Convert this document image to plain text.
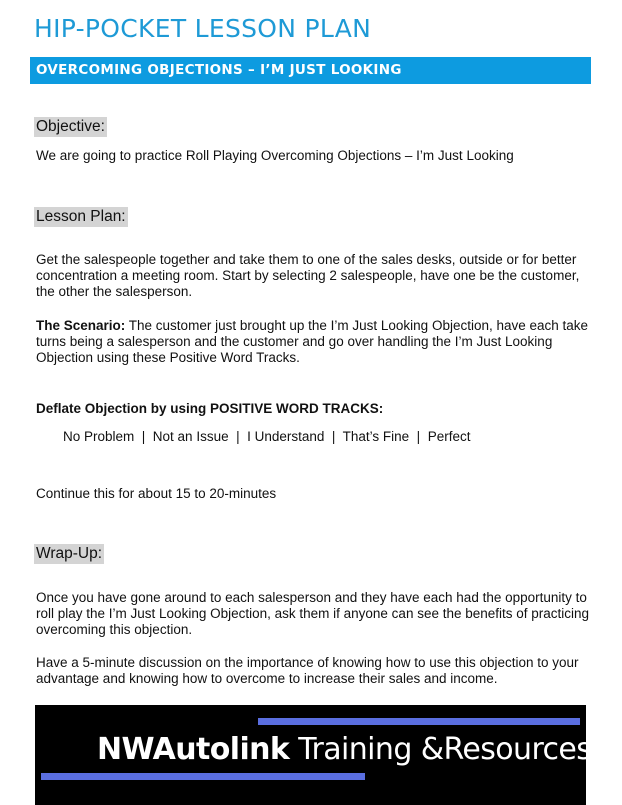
HIP-POCKET LESSON PLAN
OVERCOMING OBJECTIONS – I’M JUST LOOKING
Objective:

We are going to practice Roll Playing Overcoming Objections – I’m Just Looking

Lesson Plan:

Get the salespeople together and take them to one of the sales desks, outside or for better concentration a meeting room. Start by selecting 2 salespeople, have one be the customer, the other the salesperson.

The Scenario: The customer just brought up the I’m Just Looking Objection, have each take turns being a salesperson and the customer and go over handling the I’m Just Looking Objection using these Positive Word Tracks.

Deflate Objection by using POSITIVE WORD TRACKS:

No Problem  |  Not an Issue  |  I Understand  |  That’s Fine  |  Perfect

Continue this for about 15 to 20-minutes

Wrap-Up:

Once you have gone around to each salesperson and they have each had the opportunity to roll play the I’m Just Looking Objection, ask them if anyone can see the benefits of practicing overcoming this objection.

Have a 5-minute discussion on the importance of knowing how to use this objection to your advantage and knowing how to overcome to increase their sales and income.

NWAutolink Training &Resources
